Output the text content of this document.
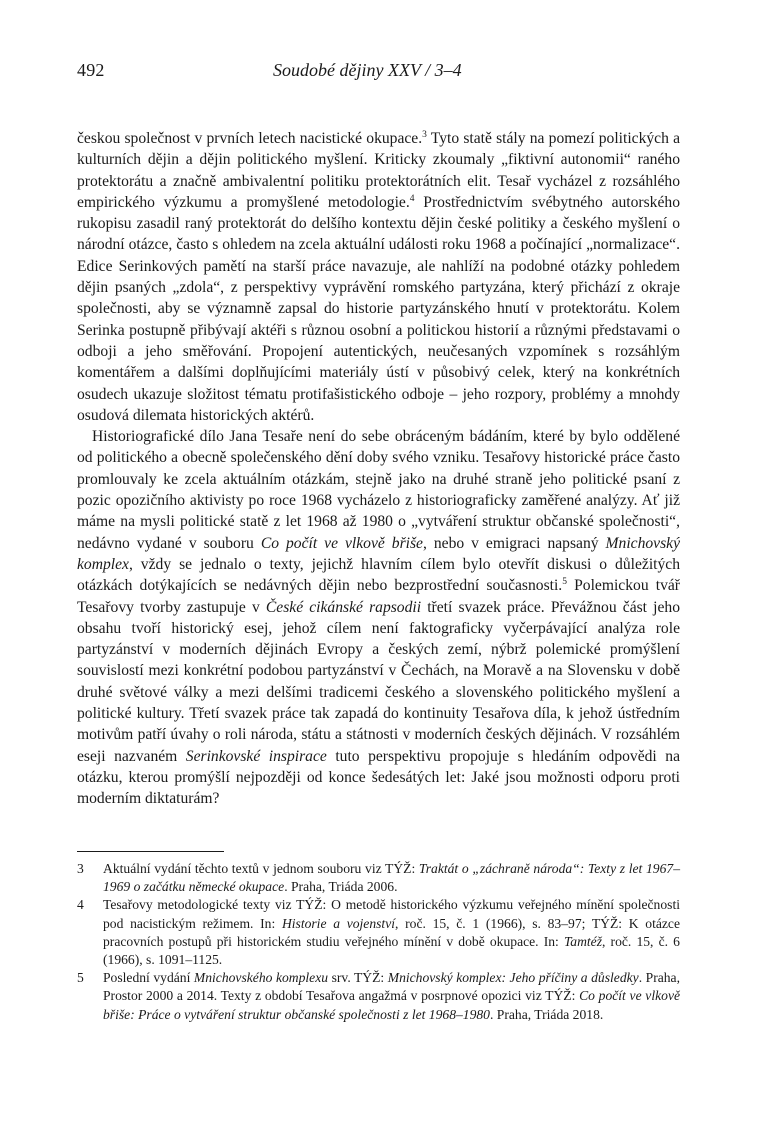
492	Soudobé dějiny XXV / 3–4

českou společnost v prvních letech nacistické okupace.$^3$ Tyto statě stály na pomezí politických a kulturních dějin a dějin politického myšlení. Kriticky zkoumaly „fiktivní autonomii“ raného protektorátu a značně ambivalentní politiku protektorátních elit. Tesař vycházel z rozsáhlého empirického výzkumu a promyšlené metodologie.$^4$ Prostřednictvím svébytného autorského rukopisu zasadil raný protektorát do delšího kontextu dějin české politiky a českého myšlení o národní otázce, často s ohledem na zcela aktuální události roku 1968 a počínající „normalizace“. Edice Serinkových pamětí na starší práce navazuje, ale nahlíží na podobné otázky pohledem dějin psaných „zdola“, z perspektivy vyprávění romského partyzána, který přichází z okraje společnosti, aby se významně zapsal do historie partyzánského hnutí v protektorátu. Kolem Serinka postupně přibývají aktéři s různou osobní a politickou historií a různými představami o odboji a jeho směřování. Propojení autentických, neučesaných vzpomínek s rozsáhlým komentářem a dalšími doplňujícími materiály ústí v působivý celek, který na konkrétních osudech ukazuje složitost tématu protifašistického odboje – jeho rozpory, problémy a mnohdy osudová dilemata historických aktérů.

Historiografické dílo Jana Tesaře není do sebe obráceným bádáním, které by bylo oddělené od politického a obecně společenského dění doby svého vzniku. Tesařovy historické práce často promlouvaly ke zcela aktuálním otázkám, stejně jako na druhé straně jeho politické psaní z pozic opozičního aktivisty po roce 1968 vycházelo z historiograficky zaměřené analýzy. Ať již máme na mysli politické statě z let 1968 až 1980 o „vytváření struktur občanské společnosti“, nedávno vydané v souboru Co počít ve vlkově břiše, nebo v emigraci napsaný Mnichovský komplex, vždy se jednalo o texty, jejichž hlavním cílem bylo otevřít diskusi o důležitých otázkách dotýkajících se nedávných dějin nebo bezprostřední současnosti.$^5$ Polemickou tvář Tesařovy tvorby zastupuje v České cikánské rapsodii třetí svazek práce. Převážnou část jeho obsahu tvoří historický esej, jehož cílem není faktograficky vyčerpávající analýza role partyzánství v moderních dějinách Evropy a českých zemí, nýbrž polemické promýšlení souvislostí mezi konkrétní podobou partyzánství v Čechách, na Moravě a na Slovensku v době druhé světové války a mezi delšími tradicemi českého a slovenského politického myšlení a politické kultury. Třetí svazek práce tak zapadá do kontinuity Tesařova díla, k jehož ústředním motivům patří úvahy o roli národa, státu a státnosti v moderních českých dějinách. V rozsáhlém eseji nazvaném Serinkovské inspirace tuto perspektivu propojuje s hledáním odpovědi na otázku, kterou promýšlí nejpozději od konce šedesátých let: Jaké jsou možnosti odporu proti moderním diktaturám?

3 Aktuální vydání těchto textů v jednom souboru viz TÝŽ: Traktát o „záchraně národa“: Texty z let 1967–1969 o začátku německé okupace. Praha, Triáda 2006.

4 Tesařovy metodologické texty viz TÝŽ: O metodě historického výzkumu veřejného mínění společnosti pod nacistickým režimem. In: Historie a vojenství, roč. 15, č. 1 (1966), s. 83–97; TÝŽ: K otázce pracovních postupů při historickém studiu veřejného mínění v době okupace. In: Tamtéž, roč. 15, č. 6 (1966), s. 1091–1125.

5 Poslední vydání Mnichovského komplexu srv. TÝŽ: Mnichovský komplex: Jeho příčiny a důsledky. Praha, Prostor 2000 a 2014. Texty z období Tesařova angažmá v posrpnové opozici viz TÝŽ: Co počít ve vlkově břiše: Práce o vytváření struktur občanské společnosti z let 1968–1980. Praha, Triáda 2018.
